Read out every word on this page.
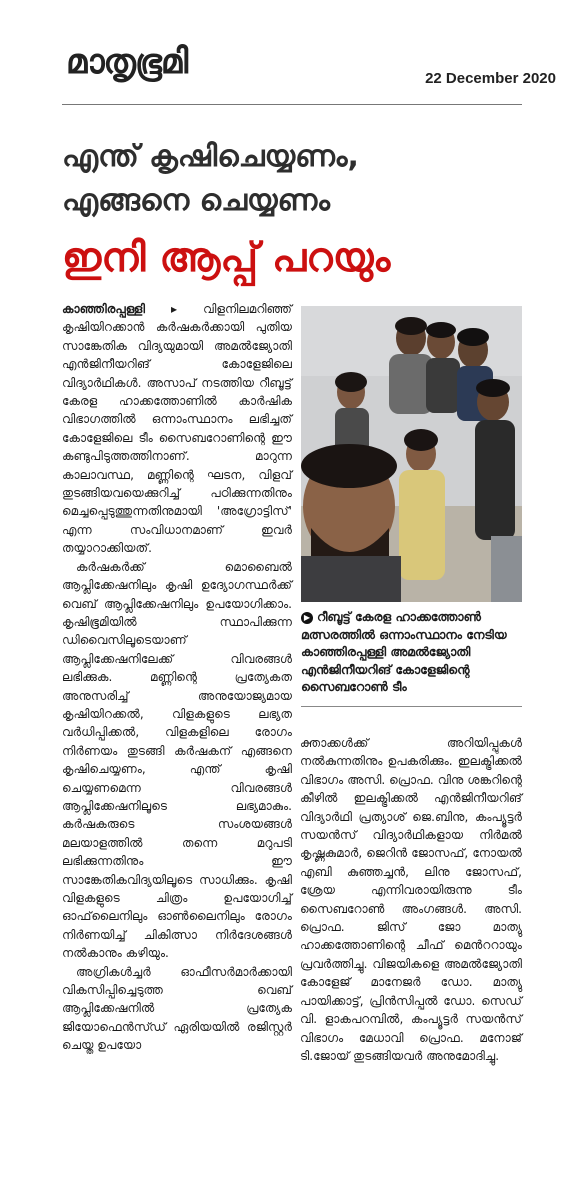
മാതൃഭൂമി	22 December 2020
എന്ത് കൃഷിചെയ്യണം,
എങ്ങനെ ചെയ്യണം
ഇനി ആപ്പ് പറയും

കാഞ്ഞിരപ്പള്ളി ▸ വിളനിലമറിഞ്ഞ് കൃഷിയിറക്കാൻ കർഷകർക്കായി പുതിയ സാങ്കേതിക വിദ്യയുമായി അമൽജ്യോതി എൻജിനീയറിങ് കോളേജിലെ വിദ്യാർഥികൾ. അസാപ് നടത്തിയ റീബൂട്ട് കേരള ഹാക്കത്തോണിൽ കാർഷിക വിഭാഗത്തിൽ ഒന്നാംസ്ഥാനം ലഭിച്ചത് കോളേജിലെ ടീം സൈബറോണിന്റെ ഈ കണ്ടുപിടുത്തത്തിനാണ്. മാറുന്ന കാലാവസ്ഥ, മണ്ണിന്റെ ഘടന, വിളവ് തുടങ്ങിയവയെക്കുറിച്ച് പഠിക്കുന്നതിനും മെച്ചപ്പെടുത്തുന്നതിനുമായി 'അഗ്രോട്ടിസ്' എന്ന സംവിധാനമാണ് ഇവർ തയ്യാറാക്കിയത്.

കർഷകർക്ക് മൊബൈൽ ആപ്ലിക്കേഷനിലും കൃഷി ഉദ്യോഗസ്ഥർക്ക് വെബ് ആപ്ലിക്കേഷനിലും ഉപയോഗിക്കാം. കൃഷിഭൂമിയിൽ സ്ഥാപിക്കുന്ന ഡിവൈസിലൂടെയാണ് ആപ്ലിക്കേഷനിലേക്ക് വിവരങ്ങൾ ലഭിക്കുക. മണ്ണിന്റെ പ്രത്യേകത അനുസരിച്ച് അനുയോജ്യമായ കൃഷിയിറക്കൽ, വിളകളുടെ ലഭ്യത വർധിപ്പിക്കൽ, വിളകളിലെ രോഗം നിർണയം തുടങ്ങി കർഷകന് എങ്ങനെ കൃഷിചെയ്യണം, എന്ത് കൃഷി ചെയ്യണമെന്ന വിവരങ്ങൾ ആപ്ലിക്കേഷനിലൂടെ ലഭ്യമാകും. കർഷകരുടെ സംശയങ്ങൾ മലയാളത്തിൽ തന്നെ മറുപടി ലഭിക്കുന്നതിനും ഈ സാങ്കേതികവിദ്യയിലൂടെ സാധിക്കും. കൃഷി വിളകളുടെ ചിത്രം ഉപയോഗിച്ച് ഓഫ്‌ലൈനിലും ഓൺലൈനിലും രോഗം നിർണയിച്ച് ചികിത്സാ നിർദേശങ്ങൾ നൽകാനും കഴിയും.

അഗ്രികൾച്ചർ ഓഫീസർമാർക്കായി വികസിപ്പിച്ചെടുത്ത വെബ് ആപ്ലിക്കേഷനിൽ പ്രത്യേക ജിയോഫെൻസ്ഡ് ഏരിയയിൽ രജിസ്റ്റർ ചെയ്ത ഉപയോ

▶ റീബൂട്ട് കേരള ഹാക്കത്തോൺ മത്സരത്തിൽ ഒന്നാംസ്ഥാനം നേടിയ കാഞ്ഞിരപ്പള്ളി അമൽജ്യോതി എൻജിനീയറിങ് കോളേജിന്റെ സൈബറോൺ ടീം

ക്താക്കൾക്ക് അറിയിപ്പുകൾ നൽകുന്നതിനും ഉപകരിക്കും. ഇലക്ട്രിക്കൽ വിഭാഗം അസി. പ്രൊഫ. വിനു ശങ്കറിന്റെ കീഴിൽ ഇലക്ട്രിക്കൽ എൻജിനീയറിങ് വിദ്യാർഥി പ്രത്യാശ് ജെ.ബിനു, കംപ്യൂട്ടർ സയൻസ് വിദ്യാർഥികളായ നിർമൽ കൃഷ്ണകുമാർ, ജെറിൻ ജോസഫ്, നോയൽ എബി കുഞ്ഞച്ചൻ, ലിനു ജോസഫ്, ശ്രേയ എന്നിവരായിരുന്നു ടീം സൈബറോൺ അംഗങ്ങൾ. അസി. പ്രൊഫ. ജിസ് ജോ മാത്യു ഹാക്കത്തോണിന്റെ ചീഫ് മെൻററായും പ്രവർത്തിച്ചു. വിജയികളെ അമൽജ്യോതി കോളേജ് മാനേജർ ഡോ. മാത്യു പായിക്കാട്ട്, പ്രിൻസിപ്പൽ ഡോ. സെഡ് വി. ളാകപറമ്പിൽ, കംപ്യൂട്ടർ സയൻസ് വിഭാഗം മേധാവി പ്രൊഫ. മനോജ് ടി.ജോയ് തുടങ്ങിയവർ അനുമോദിച്ചു.
